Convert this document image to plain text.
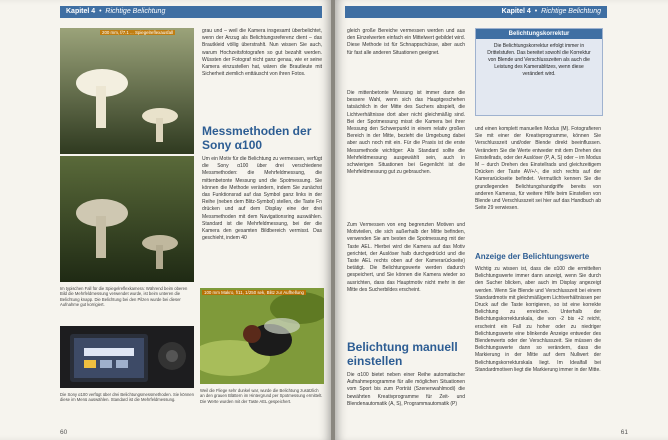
Kapitel 4  •  Richtige Belichtung
200 mm, f/7.1 ... Spiegelreflexausfall
Im typischen Fall für die Spiegelreflexkamera: Während beim oberen Bild die Mehrfeldmessung verwendet wurde, ist beim unteren die Belichtung knapp. Die Belichtung bei den Pilzen wurde bei dieser Aufnahme gut korrigiert.
Die Sony α100 verfügt über drei Belichtungsmessmethoden. Sie können diese im Menü auswählen. Standard ist die Mehrfeldmessung.
grau und – weil die Kamera insgesamt überbelichtet, wenn der Anzug als Belichtungsreferenz dient – das Brautkleid völlig überstrahlt. Nun wissen Sie auch, warum Hochzeitsfotografen so gut bezahlt werden. Wüssten der Fotograf nicht ganz genau, wie er seine Kamera einzustellen hat, wären die Brautleute mit Sicherheit ziemlich enttäuscht von ihren Fotos.
Messmethoden der Sony α100
Um ein Motiv für die Belichtung zu vermessen, verfügt die Sony α100 über drei verschiedene Messmethoden: die Mehrfeldmessung, die mittenbetonte Messung und die Spotmessung. Sie können die Methode verändern, indem Sie zunächst das Funktionsrad auf das Symbol ganz links in der Reihe (neben dem Blitz-Symbol) stellen, die Taste Fn drücken und auf dem Display eine der drei Messmethoden mit dem Navigationsring auswählen. Standard ist die Mehrfeldmessung, bei der die Kamera den gesamten Bildbereich vermisst. Das geschieht, indem 40
100 mm Makro, f/11, 1/250 sek, Blitz zur Aufhellung
Weil die Fliege sehr dunkel war, wurde die Belichtung zusätzlich an den grauen Blättern im Hintergrund per Spotmessung ermittelt. Die Werte wurden mit der Taste AEL gespeichert.
60
Kapitel 4  •  Richtige Belichtung
gleich große Bereiche vermessen werden und aus den Einzelwerten einfach ein Mittelwert gebildet wird. Diese Methode ist für Schnappschüsse, aber auch für fast alle anderen Situationen geeignet.
Die mittenbetonte Messung ist immer dann die bessere Wahl, wenn sich das Hauptgeschehen tatsächlich in der Mitte des Suchers abspielt, die Lichtverhältnisse dort aber nicht gleichmäßig sind. Bei der Spotmessung misst die Kamera bei ihrer Messung den Schwerpunkt in einem relativ großen Bereich in der Mitte, bezieht die Umgebung dabei aber auch noch mit ein. Für die Praxis ist die erste Messmethode wichtiger: Als Standard sollte die Mehrfeldmessung ausgewählt sein, auch in schwierigen Situationen bei Gegenlicht ist die Mehrfeldmessung gut zu gebrauchen.
Zum Vermessen von eng begrenzten Motiven und Motivteilen, die sich außerhalb der Mitte befinden, verwenden Sie am besten die Spotmessung mit der Taste AEL. Hierbei wird die Kamera auf das Motiv gerichtet, der Auslöser halb durchgedrückt und die Taste AEL rechts oben auf der Kamerarückseite) betätigt. Die Belichtungswerte werden dadurch gespeichert, und Sie können die Kamera wieder so ausrichten, dass das Hauptmotiv nicht mehr in der Mitte des Sucherbildes erscheint.
Belichtung manuell einstellen
Die α100 bietet neben einer Reihe automatischer Aufnahmeprogramme für alle möglichen Situationen vom Sport bis zum Porträt (Szenenwahlmodi) die bewährten Kreativprogramme für Zeit- und Blendenautomatik (A, S), Programmautomatik (P)
Belichtungskorrektur
Die Belichtungskorrektur erfolgt immer in Drittelstufen. Das bereitet sowohl die Korrektur von Blende und Verschlusszeiten als auch die Leistung des Kamerablitzes, wenn diese verändert wird.
und einen komplett manuellen Modus (M). Fotografieren Sie mit einer der Kreativprogramme, können Sie Verschlusszeit und/oder Blende direkt beeinflussen. Verändern Sie die Werte entweder mit dem Drehen des Einstellrads, oder der Auslöser (P, A, S) oder – im Modus M – durch Drehen des Einstellrads und gleichzeitigem Drücken der Taste AV/+/-, die sich rechts auf der Kamerarückseite befindet. Vermutlich kennen Sie die grundlegenden Belichtungshandgriffe bereits von anderen Kameras, für weitere Hilfe beim Einstellen von Blende und Verschlusszeit sei hier auf das Handbuch ab Seite 29 verwiesen.
Anzeige der Belichtungswerte
Wichtig zu wissen ist, dass die α100 die ermittelten Belichtungswerte immer dann anzeigt, wenn Sie durch den Sucher blicken, aber auch im Display angezeigt werden. Wenn Sie Blende und Verschlusszeit bei einem Standardmotiv mit gleichmäßigem Lichtverhältnissen per Druck auf die Taste korrigieren, so ist eine korrekte Belichtung zu erreichen. Unterhalb der Belichtungskorrekturskala, die von -2 bis +2 reicht, erscheint ein Fall zu hoher oder zu niedriger Belichtungswerte eine blinkende Anzeige entweder des Blendenwerts oder der Verschlusszeit. Sie müssen die Belichtungswerte dann so verändern, dass die Markierung in der Mitte auf dem Nullwert der Belichtungskorrekturskala liegt. Im Idealfall bei Standardmotiven liegt die Markierung immer in der Mitte.
61
